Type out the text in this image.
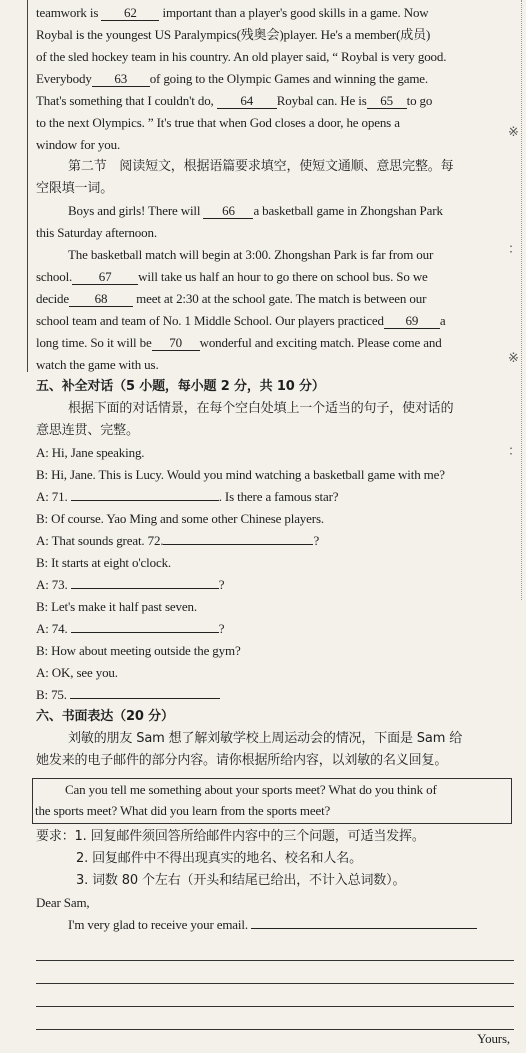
※
：
※
：
teamwork is 62 important than a player's good skills in a game. Now
Roybal is the youngest US Paralympics(残奥会)player. He's a member(成员)
of the sled hockey team in his country. An old player said, “ Roybal is very good.
Everybody 63 of going to the Olympic Games and winning the game.
That's something that I couldn't do, 64 Roybal can. He is 65 to go
to the next Olympics. ” It's true that when God closes a door, he opens a
window for you.
第二节　阅读短文，根据语篇要求填空，使短文通顺、意思完整。每
空限填一词。
Boys and girls! There will 66 a basketball game in Zhongshan Park
this Saturday afternoon.
The basketball match will begin at 3:00. Zhongshan Park is far from our
school. 67 will take us half an hour to go there on school bus. So we
decide 68 meet at 2:30 at the school gate. The match is between our
school team and team of No. 1 Middle School. Our players practiced 69 a
long time. So it will be 70 wonderful and exciting match. Please come and
watch the game with us.
五、补全对话（5 小题，每小题 2 分，共 10 分）
根据下面的对话情景，在每个空白处填上一个适当的句子，使对话的
意思连贯、完整。
A: Hi, Jane speaking.
B: Hi, Jane. This is Lucy. Would you mind watching a basketball game with me?
A: 71.	. Is there a famous star?
B: Of course. Yao Ming and some other Chinese players.
A: That sounds great. 72.	?
B: It starts at eight o'clock.
A: 73.	?
B: Let's make it half past seven.
A: 74.	?
B: How about meeting outside the gym?
A: OK, see you.
B: 75.
六、书面表达（20 分）
刘敏的朋友 Sam 想了解刘敏学校上周运动会的情况，下面是 Sam 给
她发来的电子邮件的部分内容。请你根据所给内容，以刘敏的名义回复。
Can you tell me something about your sports meet? What do you think of
the sports meet? What did you learn from the sports meet?
要求：1. 回复邮件须回答所给邮件内容中的三个问题，可适当发挥。
2. 回复邮件中不得出现真实的地名、校名和人名。
3. 词数 80 个左右（开头和结尾已给出，不计入总词数）。
Dear Sam,
I'm very glad to receive your email.
Yours,
